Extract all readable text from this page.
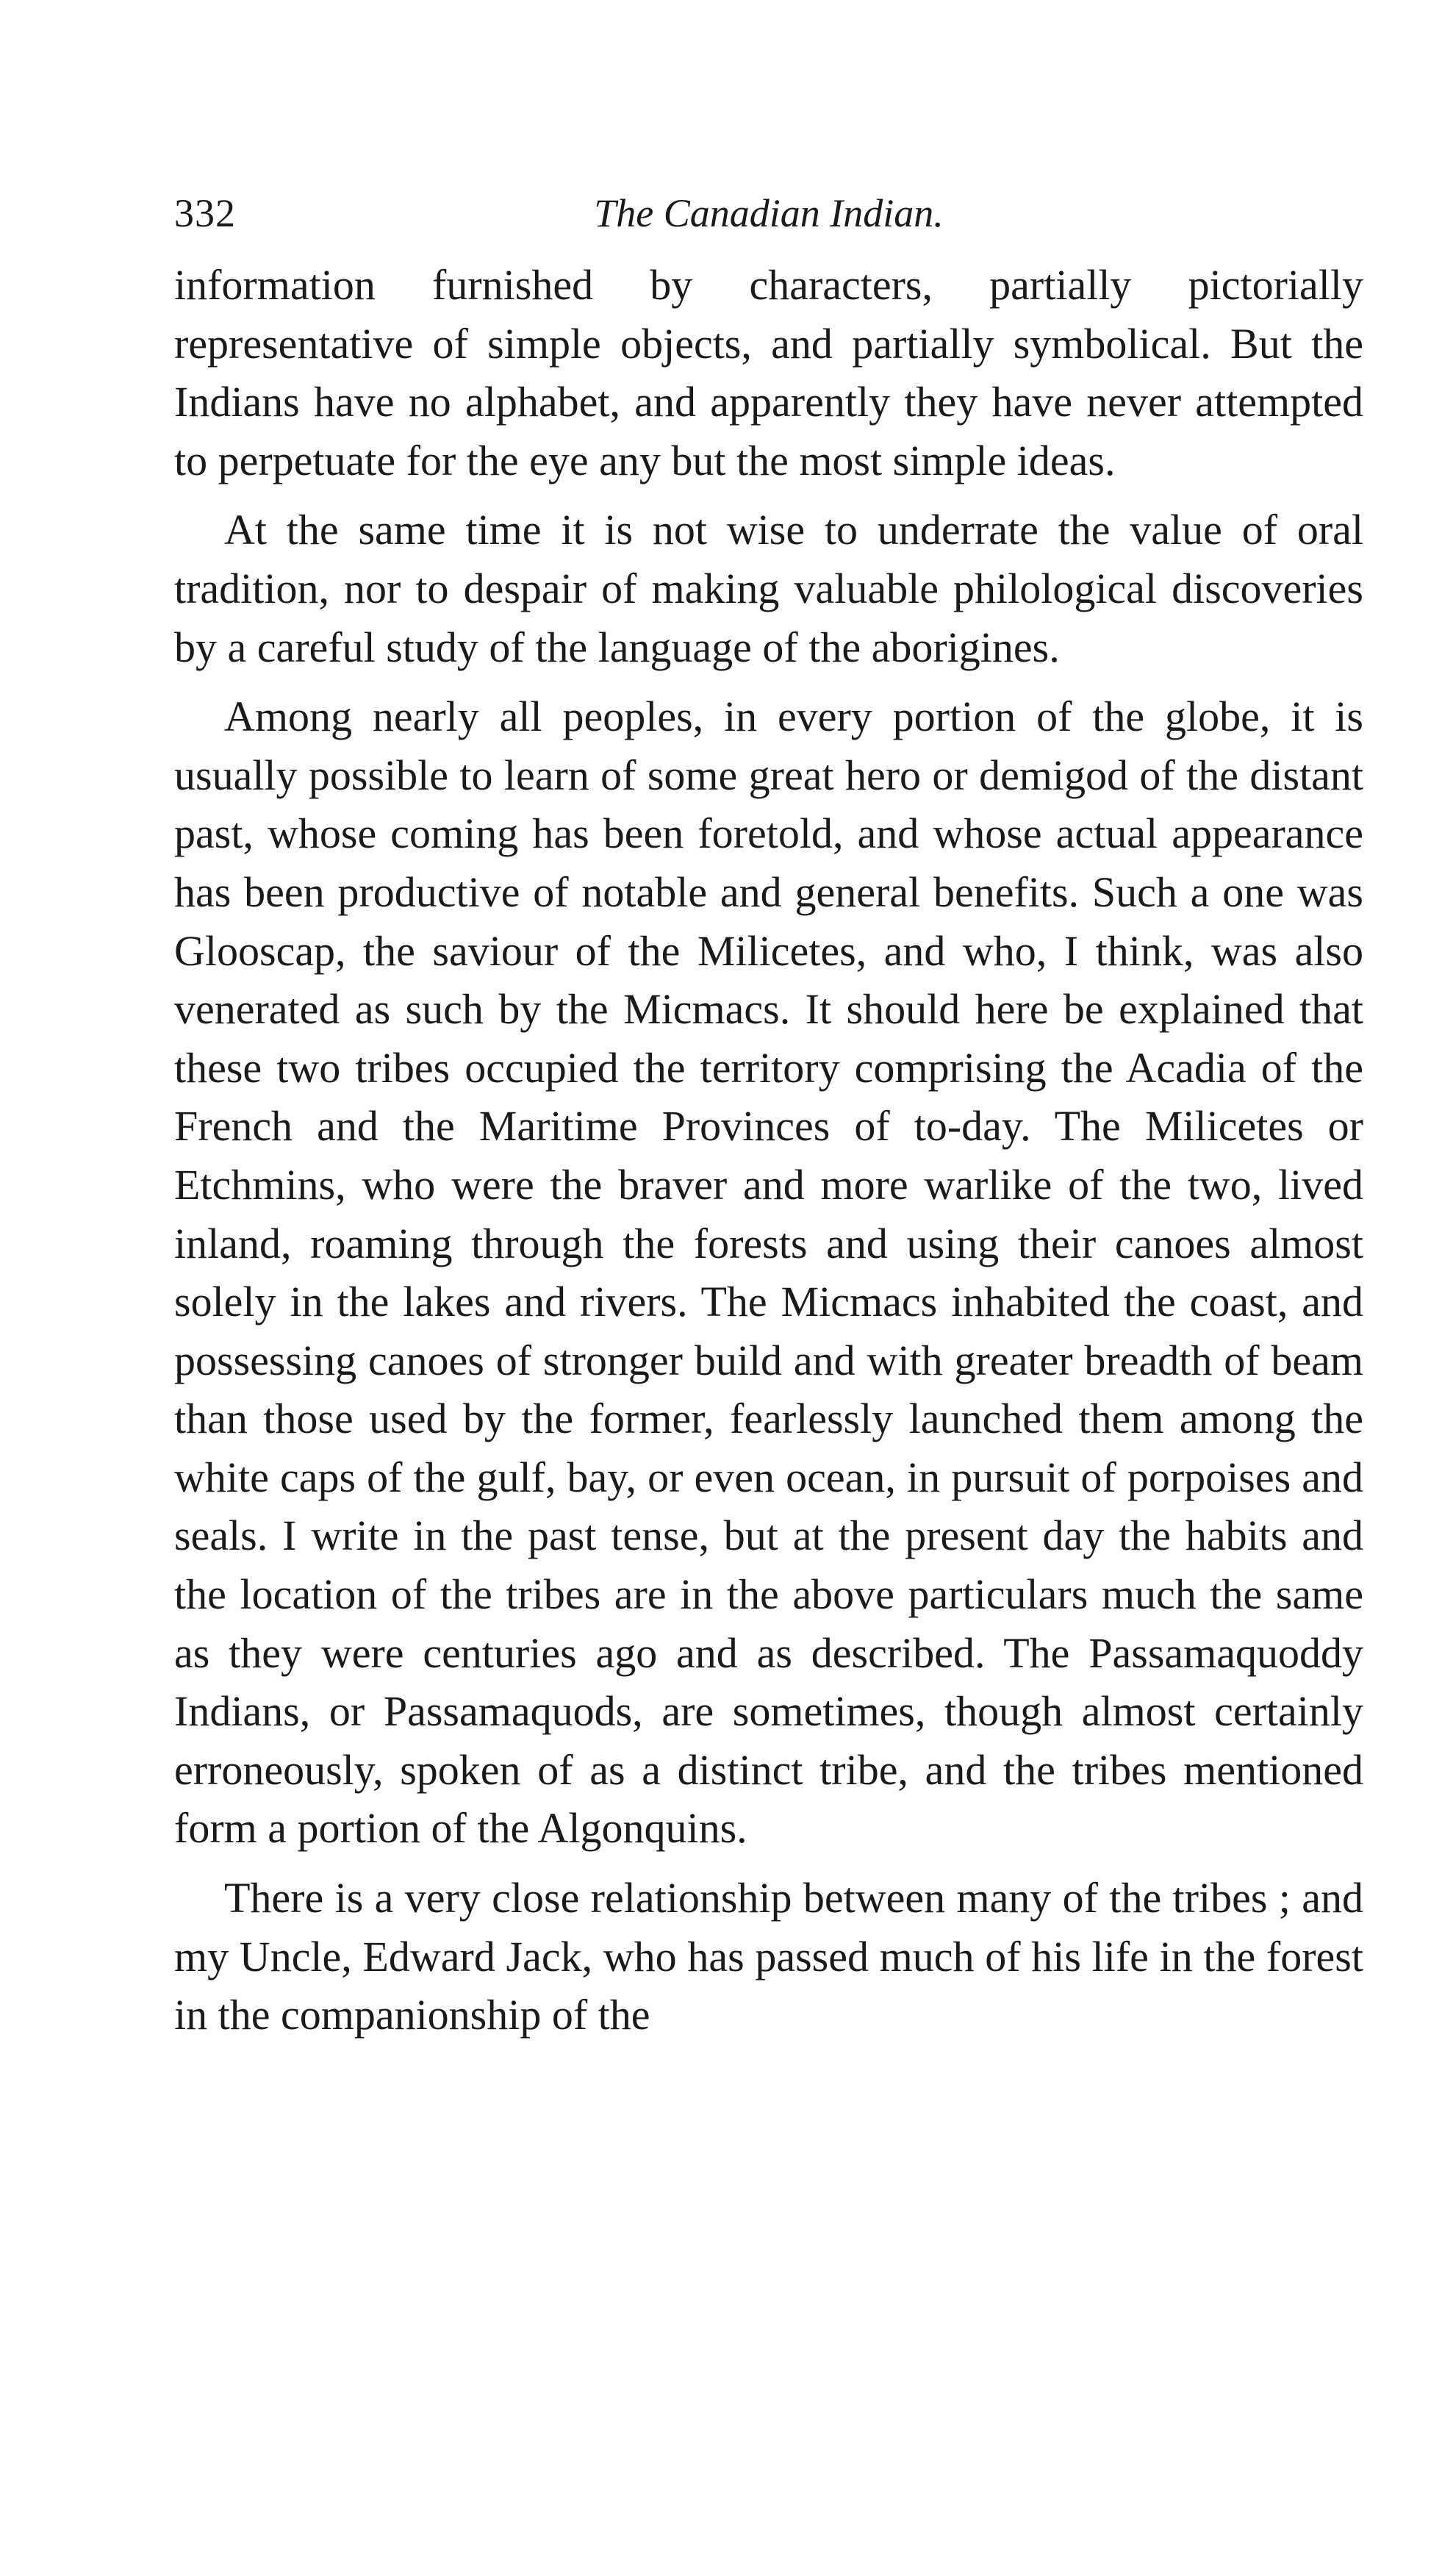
332	The Canadian Indian.

information furnished by characters, partially pictorially representative of simple objects, and partially symbolical. But the Indians have no alphabet, and apparently they have never attempted to perpetuate for the eye any but the most simple ideas.

At the same time it is not wise to underrate the value of oral tradition, nor to despair of making valuable philological discoveries by a careful study of the language of the aborigines.

Among nearly all peoples, in every portion of the globe, it is usually possible to learn of some great hero or demigod of the distant past, whose coming has been foretold, and whose actual appearance has been productive of notable and general benefits. Such a one was Glooscap, the saviour of the Milicetes, and who, I think, was also venerated as such by the Micmacs. It should here be explained that these two tribes occupied the territory comprising the Acadia of the French and the Maritime Provinces of to-day. The Milicetes or Etchmins, who were the braver and more warlike of the two, lived inland, roaming through the forests and using their canoes almost solely in the lakes and rivers. The Micmacs inhabited the coast, and possessing canoes of stronger build and with greater breadth of beam than those used by the former, fearlessly launched them among the white caps of the gulf, bay, or even ocean, in pursuit of porpoises and seals. I write in the past tense, but at the present day the habits and the location of the tribes are in the above particulars much the same as they were centuries ago and as described. The Passamaquoddy Indians, or Passamaquods, are sometimes, though almost certainly erroneously, spoken of as a distinct tribe, and the tribes mentioned form a portion of the Algonquins.

There is a very close relationship between many of the tribes ; and my Uncle, Edward Jack, who has passed much of his life in the forest in the companionship of the
